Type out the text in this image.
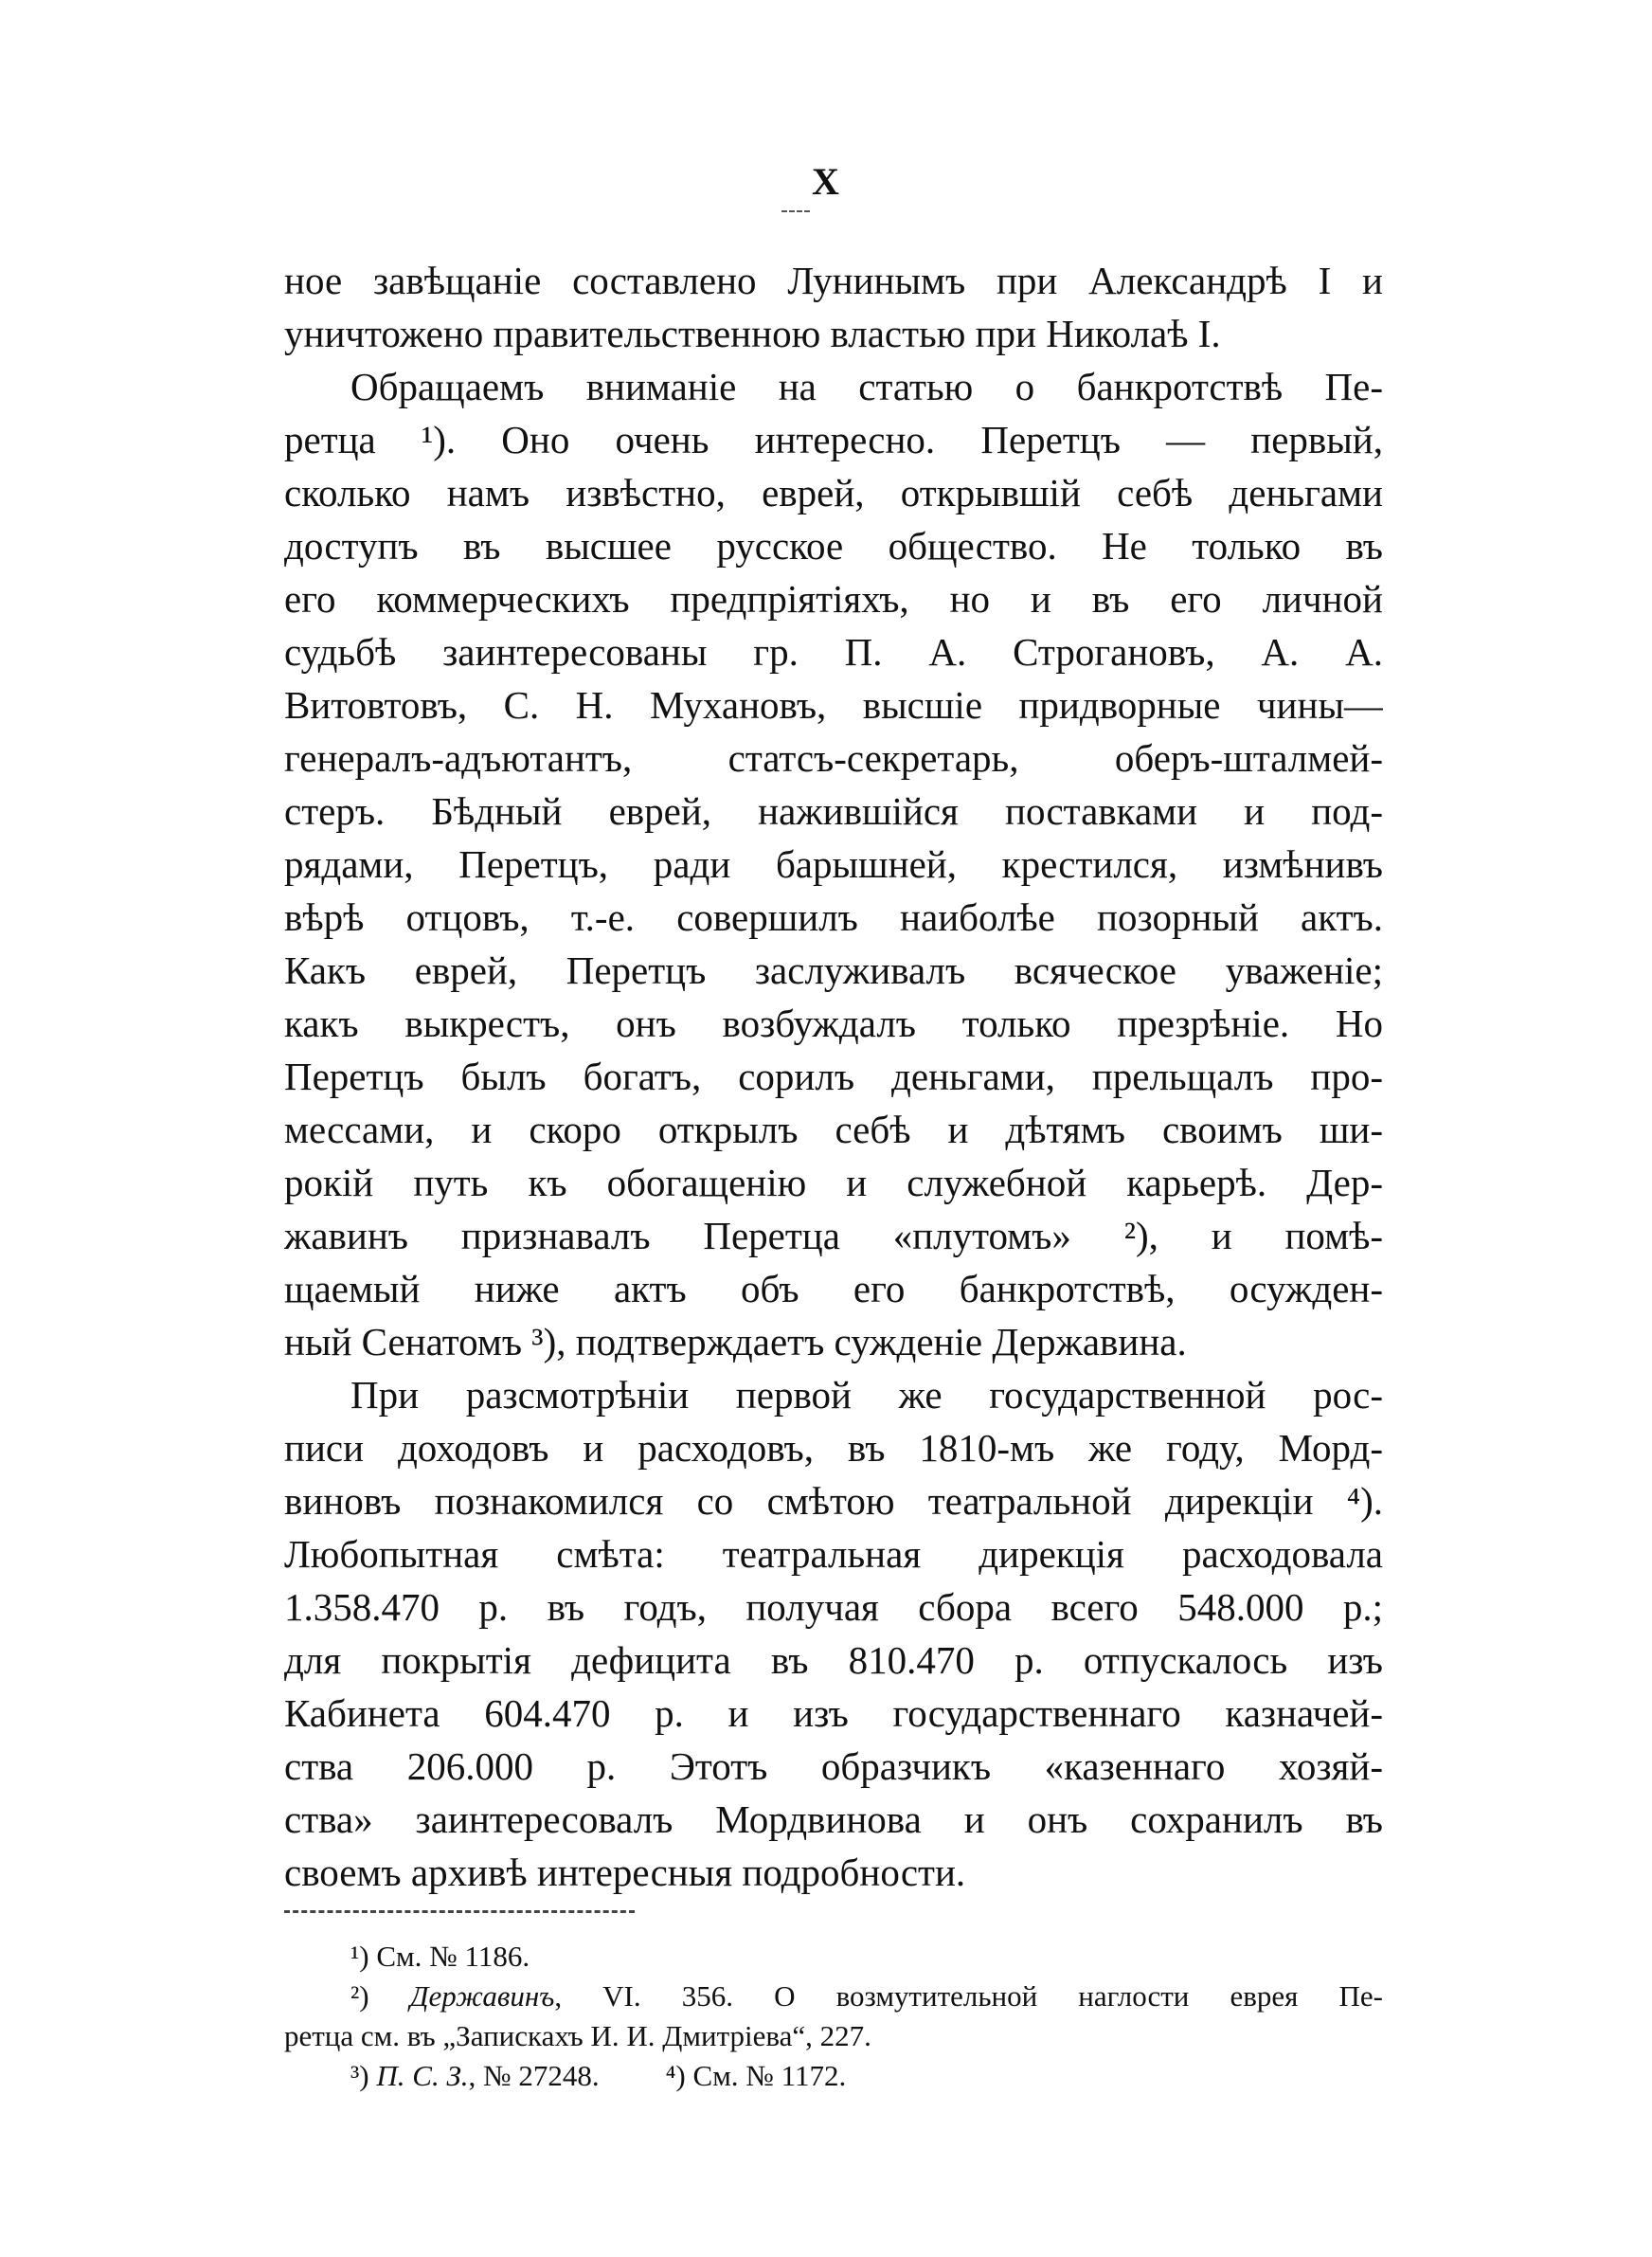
X
ное завѣщаніе составлено Лунинымъ при Александрѣ I и
уничтожено правительственною властью при Николаѣ I.
Обращаемъ вниманіе на статью о банкротствѣ Пе-
ретца ¹). Оно очень интересно. Перетцъ — первый,
сколько намъ извѣстно, еврей, открывшій себѣ деньгами
доступъ въ высшее русское общество. Не только въ
его коммерческихъ предпріятіяхъ, но и въ его личной
судьбѣ заинтересованы гр. П. А. Строгановъ, А. А.
Витовтовъ, С. Н. Мухановъ, высшіе придворные чины—
генералъ-адъютантъ, статсъ-секретарь, оберъ-шталмей-
стеръ. Бѣдный еврей, нажившійся поставками и под-
рядами, Перетцъ, ради барышней, крестился, измѣнивъ
вѣрѣ отцовъ, т.-е. совершилъ наиболѣе позорный актъ.
Какъ еврей, Перетцъ заслуживалъ всяческое уваженіе;
какъ выкрестъ, онъ возбуждалъ только презрѣніе. Но
Перетцъ былъ богатъ, сорилъ деньгами, прельщалъ про-
мессами, и скоро открылъ себѣ и дѣтямъ своимъ ши-
рокій путь къ обогащенію и служебной карьерѣ. Дер-
жавинъ признавалъ Перетца «плутомъ» ²), и помѣ-
щаемый ниже актъ объ его банкротствѣ, осужден-
ный Сенатомъ ³), подтверждаетъ сужденіе Державина.
При разсмотрѣніи первой же государственной рос-
писи доходовъ и расходовъ, въ 1810-мъ же году, Морд-
виновъ познакомился со смѣтою театральной дирекціи ⁴).
Любопытная смѣта: театральная дирекція расходовала
1.358.470 р. въ годъ, получая сбора всего 548.000 р.;
для покрытія дефицита въ 810.470 р. отпускалось изъ
Кабинета 604.470 р. и изъ государственнаго казначей-
ства 206.000 р. Этотъ образчикъ «казеннаго хозяй-
ства» заинтересовалъ Мордвинова и онъ сохранилъ въ
своемъ архивѣ интересныя подробности.
¹) См. № 1186.
²) Державинъ, VI. 356. О возмутительной наглости еврея Пе-
ретца см. въ „Запискахъ И. И. Дмитріева“, 227.
³) П. С. З., № 27248. ⁴) См. № 1172.
